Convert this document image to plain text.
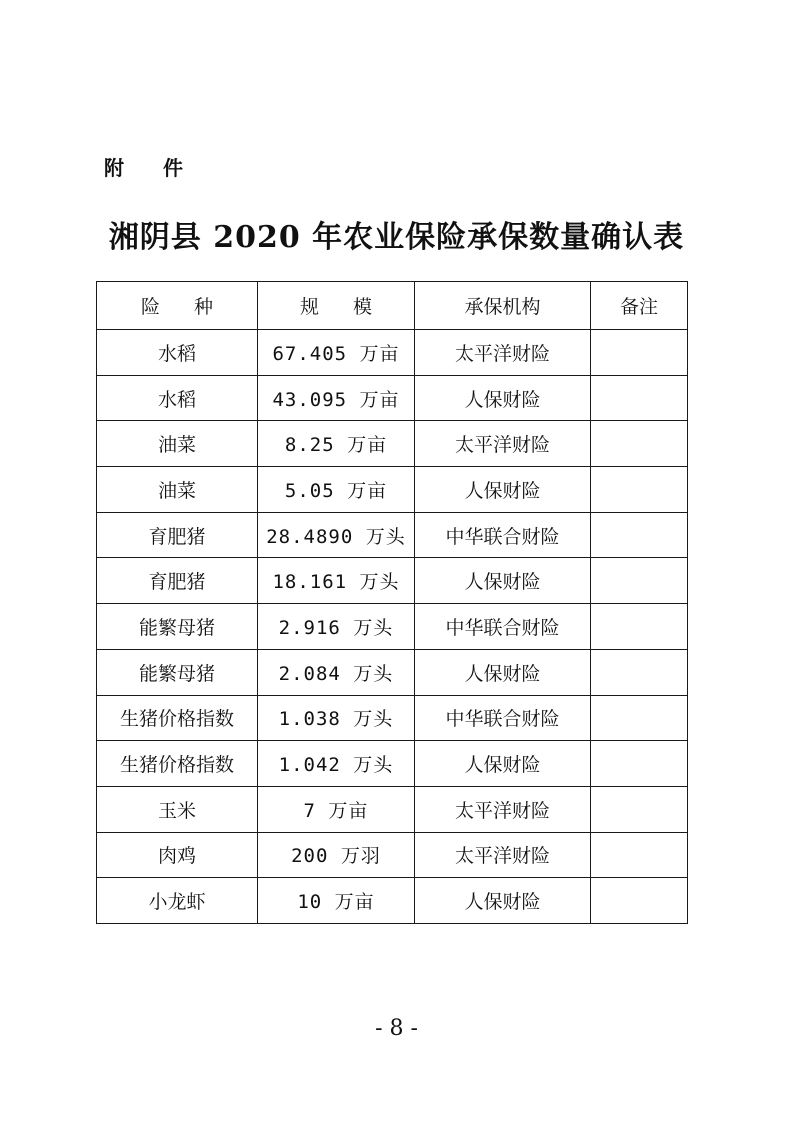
附 件
湘阴县 2020 年农业保险承保数量确认表
险 种	规 模	承保机构	备注
水稻	67.405 万亩	太平洋财险	
水稻	43.095 万亩	人保财险	
油菜	8.25 万亩	太平洋财险	
油菜	5.05 万亩	人保财险	
育肥猪	28.4890 万头	中华联合财险	
育肥猪	18.161 万头	人保财险	
能繁母猪	2.916 万头	中华联合财险	
能繁母猪	2.084 万头	人保财险	
生猪价格指数	1.038 万头	中华联合财险	
生猪价格指数	1.042 万头	人保财险	
玉米	7 万亩	太平洋财险	
肉鸡	200 万羽	太平洋财险	
小龙虾	10 万亩	人保财险	
- 8 -
